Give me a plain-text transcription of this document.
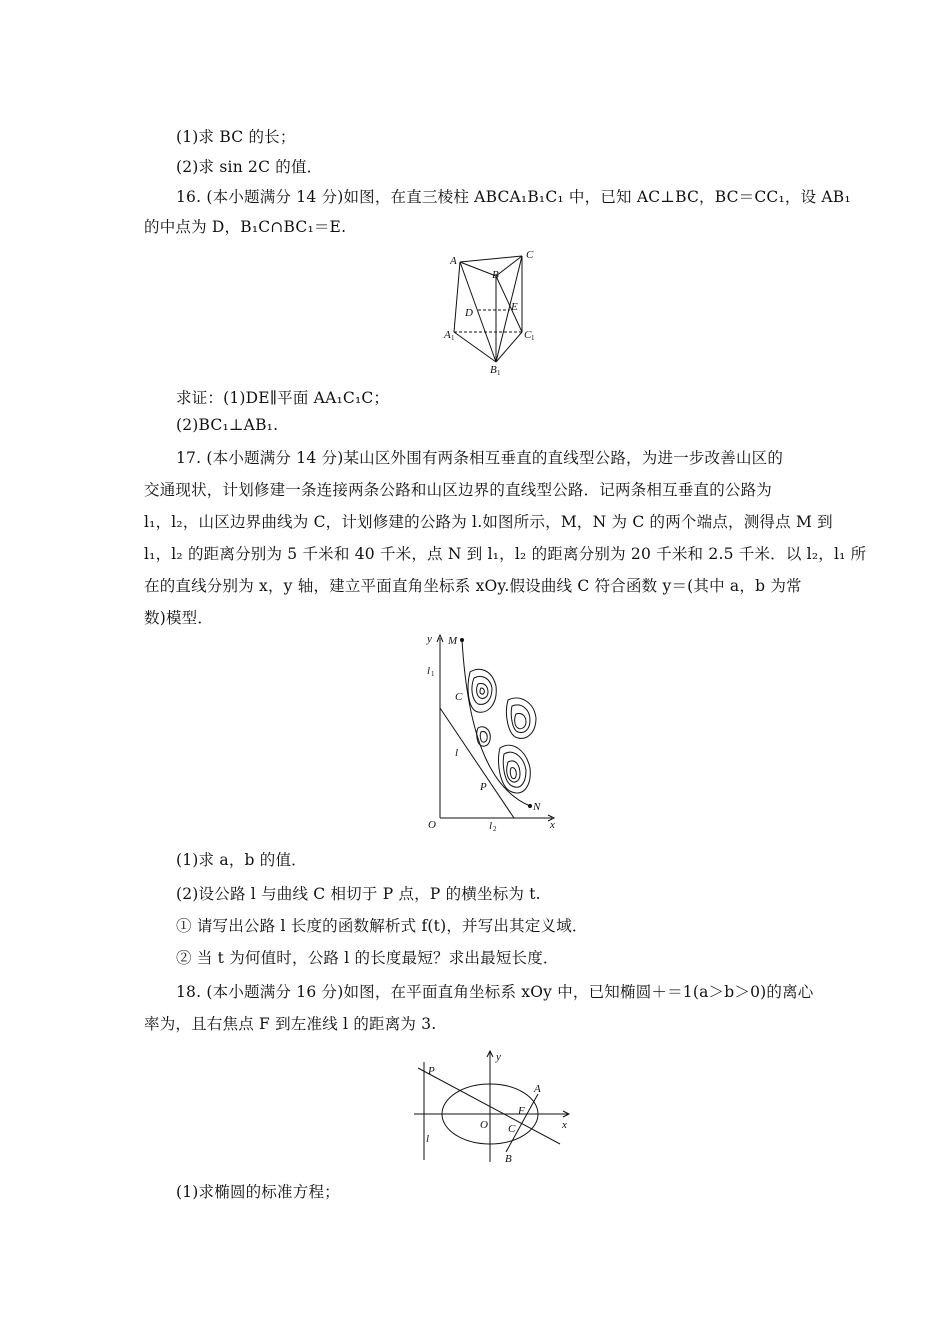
(1)求 BC 的长；
(2)求 sin 2C 的值．
16. (本小题满分 14 分)如图，在直三棱柱 ABCA₁B₁C₁ 中，已知 AC⊥BC，BC＝CC₁，设 AB₁
的中点为 D，B₁C∩BC₁＝E.
A	C
B
D	E
A 1	C 1
B 1
求证：(1)DE∥平面 AA₁C₁C；
(2)BC₁⊥AB₁.
17. (本小题满分 14 分)某山区外围有两条相互垂直的直线型公路，为进一步改善山区的
交通现状，计划修建一条连接两条公路和山区边界的直线型公路．记两条相互垂直的公路为
l₁，l₂，山区边界曲线为 C，计划修建的公路为 l.如图所示，M，N 为 C 的两个端点，测得点 M 到
l₁，l₂ 的距离分别为 5 千米和 40 千米，点 N 到 l₁，l₂ 的距离分别为 20 千米和 2.5 千米．以 l₂，l₁ 所
在的直线分别为 x，y 轴，建立平面直角坐标系 xOy.假设曲线 C 符合函数 y＝(其中 a，b 为常
数)模型．
y M
l 1
C
l
P
N
O	l 2	x
(1)求 a，b 的值．
(2)设公路 l 与曲线 C 相切于 P 点，P 的横坐标为 t.
① 请写出公路 l 长度的函数解析式 f(t)，并写出其定义域．
② 当 t 为何值时，公路 l 的长度最短？求出最短长度．
18. (本小题满分 16 分)如图，在平面直角坐标系 xOy 中，已知椭圆＋＝1(a＞b＞0)的离心
率为，且右焦点 F 到左准线 l 的距离为 3.
y
P
A
F
O C	x
l
B
(1)求椭圆的标准方程；
